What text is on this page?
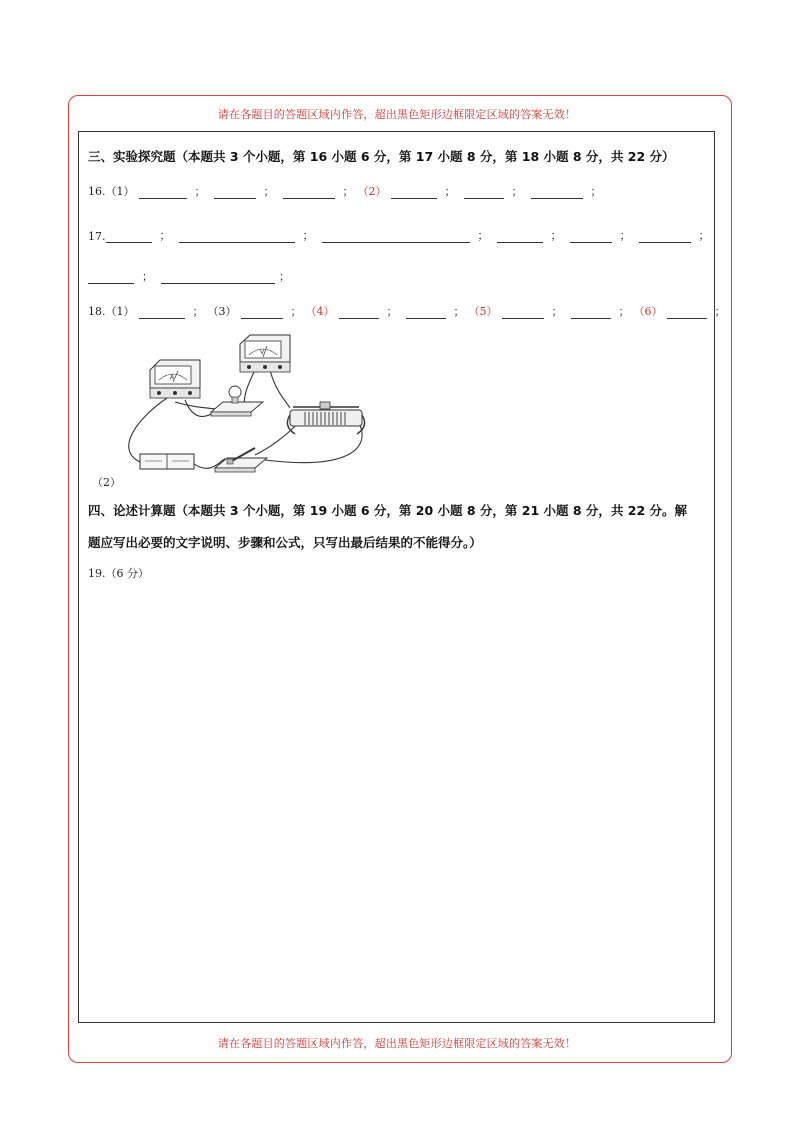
请在各题目的答题区域内作答，超出黑色矩形边框限定区域的答案无效！
三、实验探究题（本题共 3 个小题，第 16 小题 6 分，第 17 小题 8 分，第 18 小题 8 分，共 22 分）
16.（1）	；	；	； （2）	；	；	；
17.	；	；	；	；	；	；
；	；
18.（1）	； （3）	； （4）	；	； （5）	；	； （6）	；
A
V
（2）
四、论述计算题（本题共 3 个小题，第 19 小题 6 分，第 20 小题 8 分，第 21 小题 8 分，共 22 分。解
题应写出必要的文字说明、步骤和公式，只写出最后结果的不能得分。）
19.（6 分）
请在各题目的答题区域内作答，超出黑色矩形边框限定区域的答案无效！
